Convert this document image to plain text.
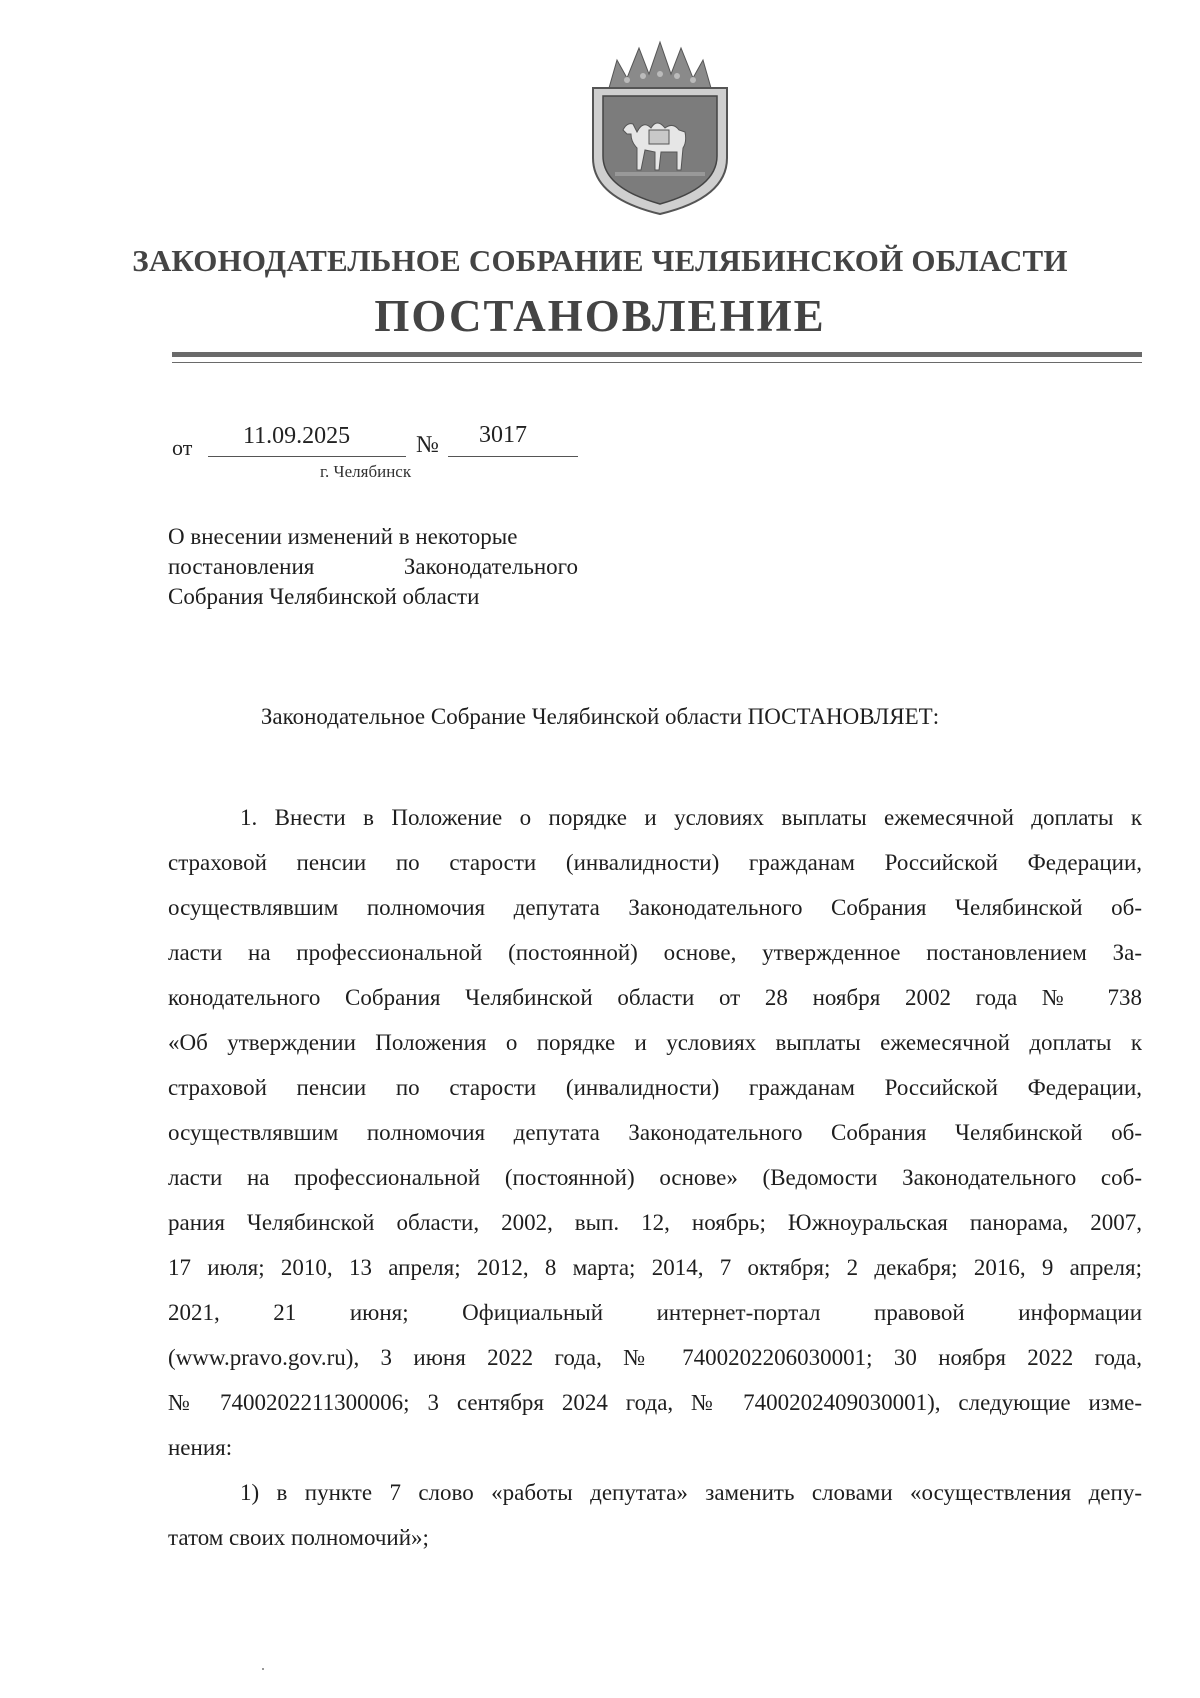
ЗАКОНОДАТЕЛЬНОЕ СОБРАНИЕ ЧЕЛЯБИНСКОЙ ОБЛАСТИ
ПОСТАНОВЛЕНИЕ
от 11.09.2025	№ 3017
г. Челябинск
О внесении изменений в некоторые
постановления Законодательного
Собрания Челябинской области
Законодательное Собрание Челябинской области ПОСТАНОВЛЯЕТ:
1. Внести в Положение о порядке и условиях выплаты ежемесячной доплаты к
страховой пенсии по старости (инвалидности) гражданам Российской Федерации,
осуществлявшим полномочия депутата Законодательного Собрания Челябинской об-
ласти на профессиональной (постоянной) основе, утвержденное постановлением За-
конодательного Собрания Челябинской области от 28 ноября 2002 года № 738
«Об утверждении Положения о порядке и условиях выплаты ежемесячной доплаты к
страховой пенсии по старости (инвалидности) гражданам Российской Федерации,
осуществлявшим полномочия депутата Законодательного Собрания Челябинской об-
ласти на профессиональной (постоянной) основе» (Ведомости Законодательного соб-
рания Челябинской области, 2002, вып. 12, ноябрь; Южноуральская панорама, 2007,
17 июля; 2010, 13 апреля; 2012, 8 марта; 2014, 7 октября; 2 декабря; 2016, 9 апреля;
2021, 21 июня; Официальный интернет-портал правовой информации
(www.pravo.gov.ru), 3 июня 2022 года, № 7400202206030001; 30 ноября 2022 года,
№ 7400202211300006; 3 сентября 2024 года, № 7400202409030001), следующие изме-
нения:
1) в пункте 7 слово «работы депутата» заменить словами «осуществления депу-
татом своих полномочий»;
